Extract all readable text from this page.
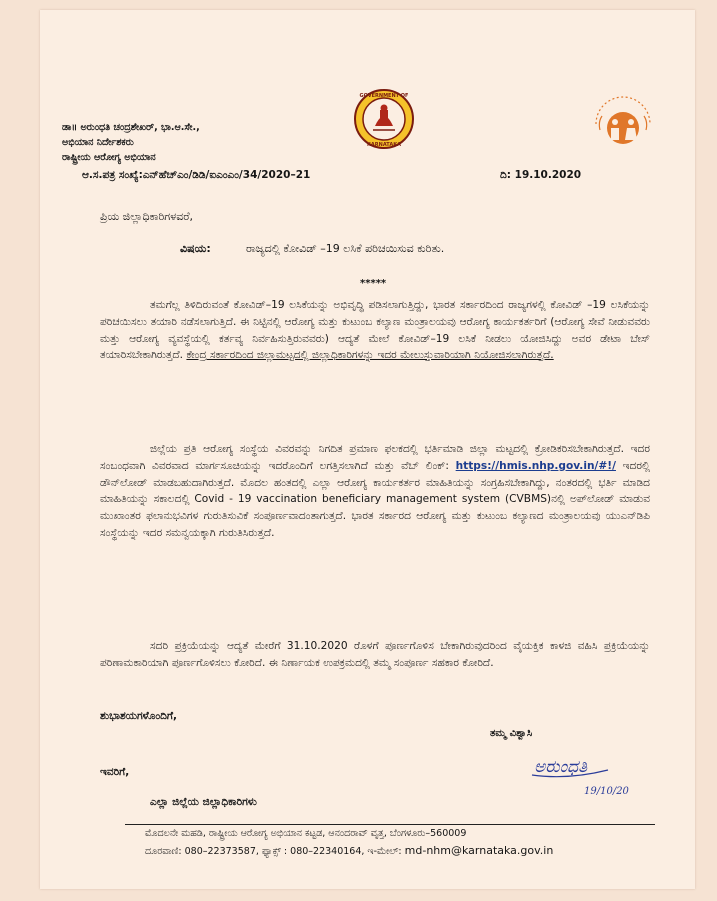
ಡಾ॥ ಅರುಂಧತಿ ಚಂದ್ರಶೇಖರ್, ಭಾ.ಆ.ಸೇ.,
ಅಭಿಯಾನ ನಿರ್ದೇಶಕರು
ರಾಷ್ಟ್ರೀಯ ಆರೋಗ್ಯ ಅಭಿಯಾನ
GOVERNMENT OF
KARNATAKA
ಆ.ಸ.ಪತ್ರ ಸಂಖ್ಯೆ:ಎನ್‌ಹೆಚ್‌ಎಂ/ಡಿಡಿ/ಐಎಂಎಂ/34/2020–21	ದಿ: 19.10.2020
ಪ್ರಿಯ ಜಿಲ್ಲಾಧಿಕಾರಿಗಳವರೆ,
ವಿಷಯ:	ರಾಜ್ಯದಲ್ಲಿ ಕೋವಿಡ್ –19 ಲಸಿಕೆ ಪರಿಚಯಿಸುವ ಕುರಿತು.
*****
ತಮಗೆಲ್ಲ ತಿಳಿದಿರುವಂತೆ ಕೋವಿಡ್–19 ಲಸಿಕೆಯನ್ನು ಅಭಿವೃದ್ಧಿ ಪಡಿಸಲಾಗುತ್ತಿದ್ದು, ಭಾರತ ಸರ್ಕಾರದಿಂದ ರಾಜ್ಯಗಳಲ್ಲಿ ಕೋವಿಡ್ –19 ಲಸಿಕೆಯನ್ನು ಪರಿಚಯಿಸಲು ತಯಾರಿ ನಡೆಸಲಾಗುತ್ತಿದೆ. ಈ ನಿಟ್ಟಿನಲ್ಲಿ ಆರೋಗ್ಯ ಮತ್ತು ಕುಟುಂಬ ಕಲ್ಯಾಣ ಮಂತ್ರಾಲಯವು ಆರೋಗ್ಯ ಕಾರ್ಯಕರ್ತರಿಗೆ (ಆರೋಗ್ಯ ಸೇವೆ ನೀಡುವವರು ಮತ್ತು ಆರೋಗ್ಯ ವ್ಯವಸ್ಥೆಯಲ್ಲಿ ಕರ್ತವ್ಯ ನಿರ್ವಹಿಸುತ್ತಿರುವವರು) ಆದ್ಯತೆ ಮೇಲೆ ಕೋವಿಡ್–19 ಲಸಿಕೆ ನೀಡಲು ಯೋಜಿಸಿದ್ದು ಅವರ ಡೇಟಾ ಬೇಸ್ ತಯಾರಿಸಬೇಕಾಗಿರುತ್ತದೆ. ಕೇಂದ್ರ ಸರ್ಕಾರದಿಂದ ಜಿಲ್ಲಾಮಟ್ಟದಲ್ಲಿ ಜಿಲ್ಲಾಧಿಕಾರಿಗಳನ್ನು ಇದರ ಮೇಲುಸ್ತುವಾರಿಯಾಗಿ ನಿಯೋಜಿಸಲಾಗಿರುತ್ತದೆ.
ಜಿಲ್ಲೆಯ ಪ್ರತಿ ಆರೋಗ್ಯ ಸಂಸ್ಥೆಯ ವಿವರವನ್ನು ನಿಗದಿತ ಪ್ರಮಾಣ ಫಲಕದಲ್ಲಿ ಭರ್ತಿಮಾಡಿ ಜಿಲ್ಲಾ ಮಟ್ಟದಲ್ಲಿ ಕ್ರೋಡಿಕರಿಸಬೇಕಾಗಿರುತ್ತದೆ. ಇದರ ಸಂಬಂಧವಾಗಿ ವಿವರವಾದ ಮಾರ್ಗಸೂಚಿಯನ್ನು ಇದರೊಂದಿಗೆ ಲಗತ್ತಿಸಲಾಗಿದೆ ಮತ್ತು ವೆಬ್ ಲಿಂಕ್: https://hmis.nhp.gov.in/#!/ ಇದರಲ್ಲಿ ಡೌನ್‌ಲೋಡ್ ಮಾಡಬಹುದಾಗಿರುತ್ತದೆ. ಮೊದಲ ಹಂತದಲ್ಲಿ ಎಲ್ಲಾ ಆರೋಗ್ಯ ಕಾರ್ಯಕರ್ತರ ಮಾಹಿತಿಯನ್ನು ಸಂಗ್ರಹಿಸಬೇಕಾಗಿದ್ದು, ನಂತರದಲ್ಲಿ ಭರ್ತಿ ಮಾಡಿದ ಮಾಹಿತಿಯನ್ನು ಸಕಾಲದಲ್ಲಿ Covid - 19 vaccination beneficiary management system (CVBMS)ನಲ್ಲಿ ಅಪ್‌ಲೋಡ್ ಮಾಡುವ ಮುಖಾಂತರ ಫಲಾನುಭವಿಗಳ ಗುರುತಿಸುವಿಕೆ ಸಂಪೂರ್ಣವಾದಂತಾಗುತ್ತದೆ. ಭಾರತ ಸರ್ಕಾರದ ಆರೋಗ್ಯ ಮತ್ತು ಕುಟುಂಬ ಕಲ್ಯಾಣದ ಮಂತ್ರಾಲಯವು ಯುಎನ್‌ಡಿಪಿ ಸಂಸ್ಥೆಯನ್ನು ಇದರ ಸಮನ್ವಯಕ್ಕಾಗಿ ಗುರುತಿಸಿರುತ್ತದೆ.
ಸದರಿ ಪ್ರಕ್ರಿಯೆಯನ್ನು ಆದ್ಯತೆ ಮೇರೆಗೆ 31.10.2020 ರೊಳಗೆ ಪೂರ್ಣಗೊಳಿಸ ಬೇಕಾಗಿರುವುದರಿಂದ ವೈಯಕ್ತಿಕ ಕಾಳಜಿ ವಹಿಸಿ ಪ್ರಕ್ರಿಯೆಯನ್ನು ಪರಿಣಾಮಕಾರಿಯಾಗಿ ಪೂರ್ಣಗೊಳಿಸಲು ಕೋರಿದೆ. ಈ ನಿರ್ಣಾಯಕ ಉಪಕ್ರಮದಲ್ಲಿ ತಮ್ಮ ಸಂಪೂರ್ಣ ಸಹಕಾರ ಕೋರಿದೆ.
ಶುಭಾಶಯಗಳೊಂದಿಗೆ,
ತಮ್ಮ ವಿಶ್ವಾಸಿ
ಅರುಂಧತಿ
19/10/20
ಇವರಿಗೆ,
ಎಲ್ಲಾ ಜಿಲ್ಲೆಯ ಜಿಲ್ಲಾಧಿಕಾರಿಗಳು
ಮೊದಲನೇ ಮಹಡಿ, ರಾಷ್ಟ್ರೀಯ ಆರೋಗ್ಯ ಅಭಿಯಾನ ಕಟ್ಟಡ, ಆನಂದರಾವ್ ವೃತ್ತ, ಬೆಂಗಳೂರು–560009
ದೂರವಾಣಿ: 080–22373587, ಫ್ಯಾಕ್ಸ್ : 080–22340164, ಇ-ಮೇಲ್: md-nhm@karnataka.gov.in
